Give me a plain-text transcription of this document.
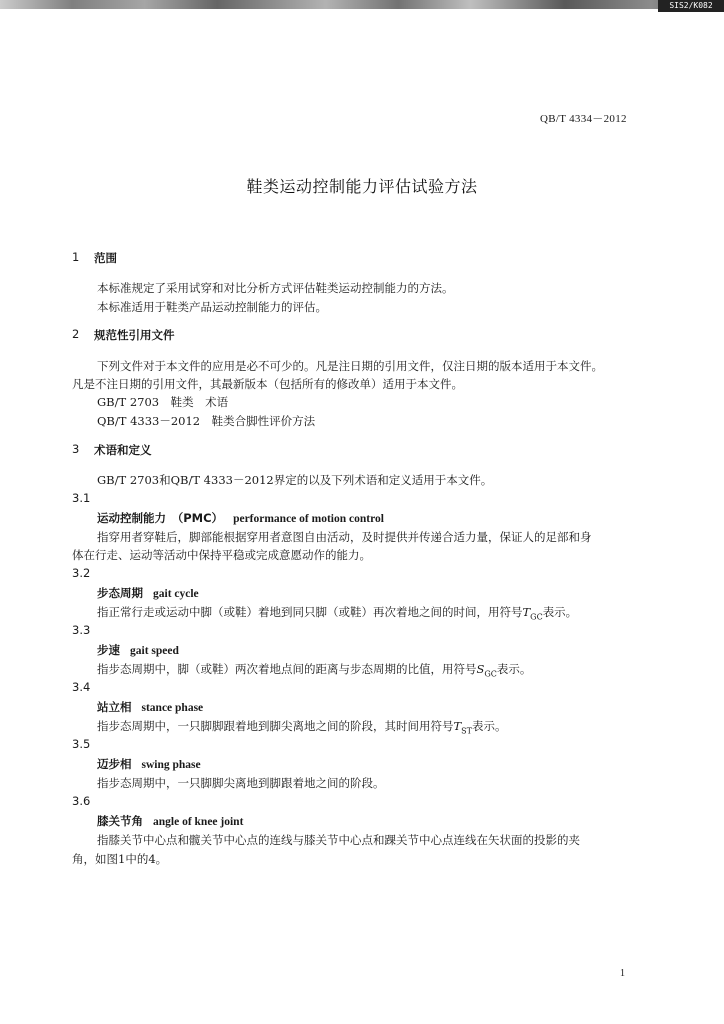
SIS2/K082
QB/T 4334－2012
鞋类运动控制能力评估试验方法
1 范围
本标准规定了采用试穿和对比分析方式评估鞋类运动控制能力的方法。
本标准适用于鞋类产品运动控制能力的评估。
2 规范性引用文件
下列文件对于本文件的应用是必不可少的。凡是注日期的引用文件，仅注日期的版本适用于本文件。
凡是不注日期的引用文件，其最新版本（包括所有的修改单）适用于本文件。
GB/T 2703　鞋类　术语
QB/T 4333－2012　鞋类合脚性评价方法
3 术语和定义
GB/T 2703和QB/T 4333－2012界定的以及下列术语和定义适用于本文件。
3.1
运动控制能力　（PMC） performance of motion control
指穿用者穿鞋后，脚部能根据穿用者意图自由活动，及时提供并传递合适力量，保证人的足部和身
体在行走、运动等活动中保持平稳或完成意愿动作的能力。
3.2
步态周期 gait cycle
指正常行走或运动中脚（或鞋）着地到同只脚（或鞋）再次着地之间的时间，用符号$T_{GC}$表示。
3.3
步速 gait speed
指步态周期中，脚（或鞋）两次着地点间的距离与步态周期的比值，用符号$S_{GC}$表示。
3.4
站立相 stance phase
指步态周期中，一只脚脚跟着地到脚尖离地之间的阶段，其时间用符号$T_{ST}$表示。
3.5
迈步相 swing phase
指步态周期中，一只脚脚尖离地到脚跟着地之间的阶段。
3.6
膝关节角 angle of knee joint
指膝关节中心点和髋关节中心点的连线与膝关节中心点和踝关节中心点连线在矢状面的投影的夹
角，如图1中的4。
1
